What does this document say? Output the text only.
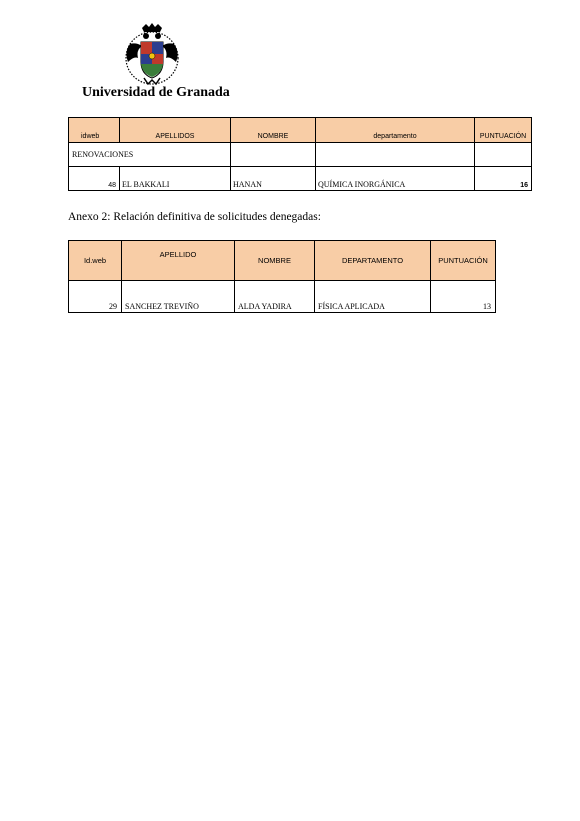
Universidad de Granada
idweb	APELLIDOS	NOMBRE	departamento	PUNTUACIÓN
RENOVACIONES				
48	EL BAKKALI	HANAN	QUÍMICA INORGÁNICA	16
Anexo 2: Relación definitiva de solicitudes denegadas:
Id.web	APELLIDO	NOMBRE	DEPARTAMENTO	PUNTUACIÓN
29	SANCHEZ TREVIÑO	ALDA YADIRA	FÍSICA APLICADA	13
